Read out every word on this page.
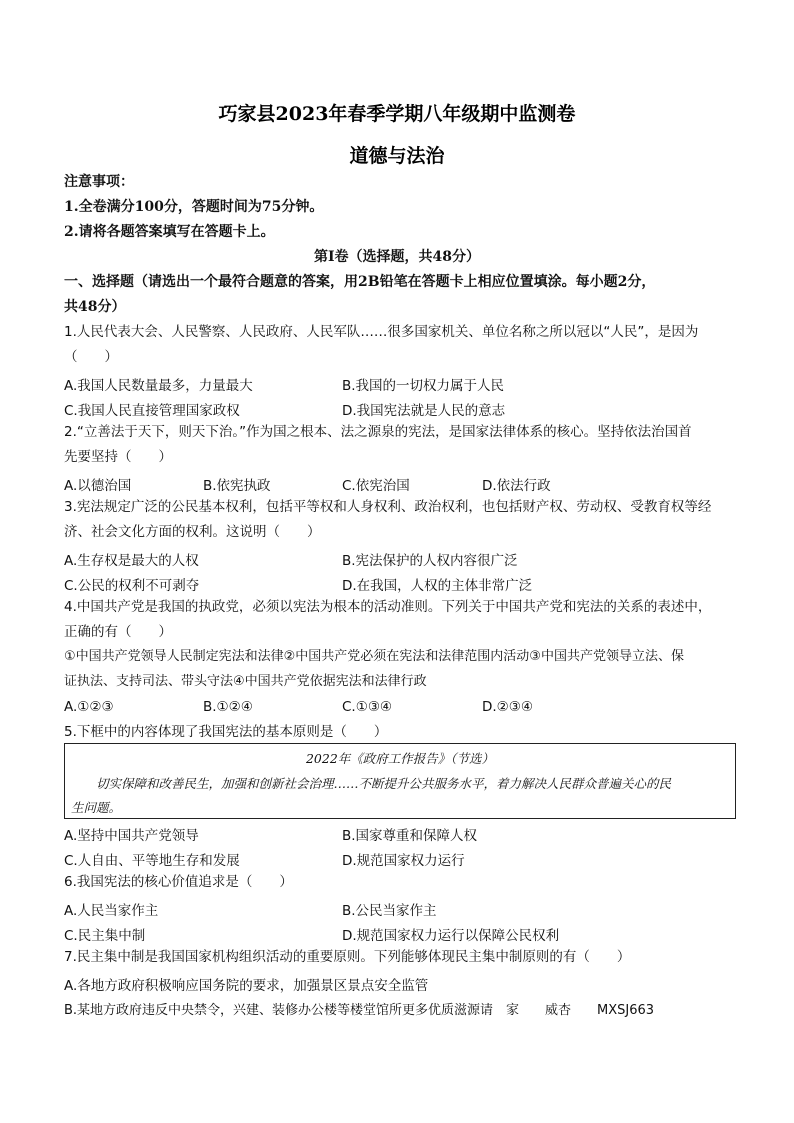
巧家县2023年春季学期八年级期中监测卷
道德与法治
注意事项：
1.全卷满分100分，答题时间为75分钟。
2.请将各题答案填写在答题卡上。
第Ⅰ卷（选择题，共48分）
一、选择题（请选出一个最符合题意的答案，用2B铅笔在答题卡上相应位置填涂。每小题2分，
共48分）
1.人民代表大会、人民警察、人民政府、人民军队……很多国家机关、单位名称之所以冠以“人民”，是因为
（　　）
A.我国人民数量最多，力量最大	B.我国的一切权力属于人民
C.我国人民直接管理国家政权	D.我国宪法就是人民的意志
2.“立善法于天下，则天下治。”作为国之根本、法之源泉的宪法，是国家法律体系的核心。坚持依法治国首
先要坚持（　　）
A.以德治国	B.依宪执政	C.依宪治国	D.依法行政
3.宪法规定广泛的公民基本权利，包括平等权和人身权利、政治权利，也包括财产权、劳动权、受教育权等经
济、社会文化方面的权利。这说明（　　）
A.生存权是最大的人权	B.宪法保护的人权内容很广泛
C.公民的权利不可剥夺	D.在我国，人权的主体非常广泛
4.中国共产党是我国的执政党，必须以宪法为根本的活动准则。下列关于中国共产党和宪法的关系的表述中，
正确的有（　　）
①中国共产党领导人民制定宪法和法律②中国共产党必须在宪法和法律范围内活动③中国共产党领导立法、保
证执法、支持司法、带头守法④中国共产党依据宪法和法律行政
A.①②③	B.①②④	C.①③④	D.②③④
5.下框中的内容体现了我国宪法的基本原则是（　　）
2022年《政府工作报告》（节选）
　　切实保障和改善民生，加强和创新社会治理……不断提升公共服务水平，着力解决人民群众普遍关心的民
生问题。
A.坚持中国共产党领导	B.国家尊重和保障人权
C.人自由、平等地生存和发展	D.规范国家权力运行
6.我国宪法的核心价值追求是（　　）
A.人民当家作主	B.公民当家作主
C.民主集中制	D.规范国家权力运行以保障公民权利
7.民主集中制是我国国家机构组织活动的重要原则。下列能够体现民主集中制原则的有（　　）
A.各地方政府积极响应国务院的要求，加强景区景点安全监管
B.某地方政府违反中央禁令，兴建、装修办公楼等楼堂馆所更多优质滋源请　家　　威杏　　MXSJ663
